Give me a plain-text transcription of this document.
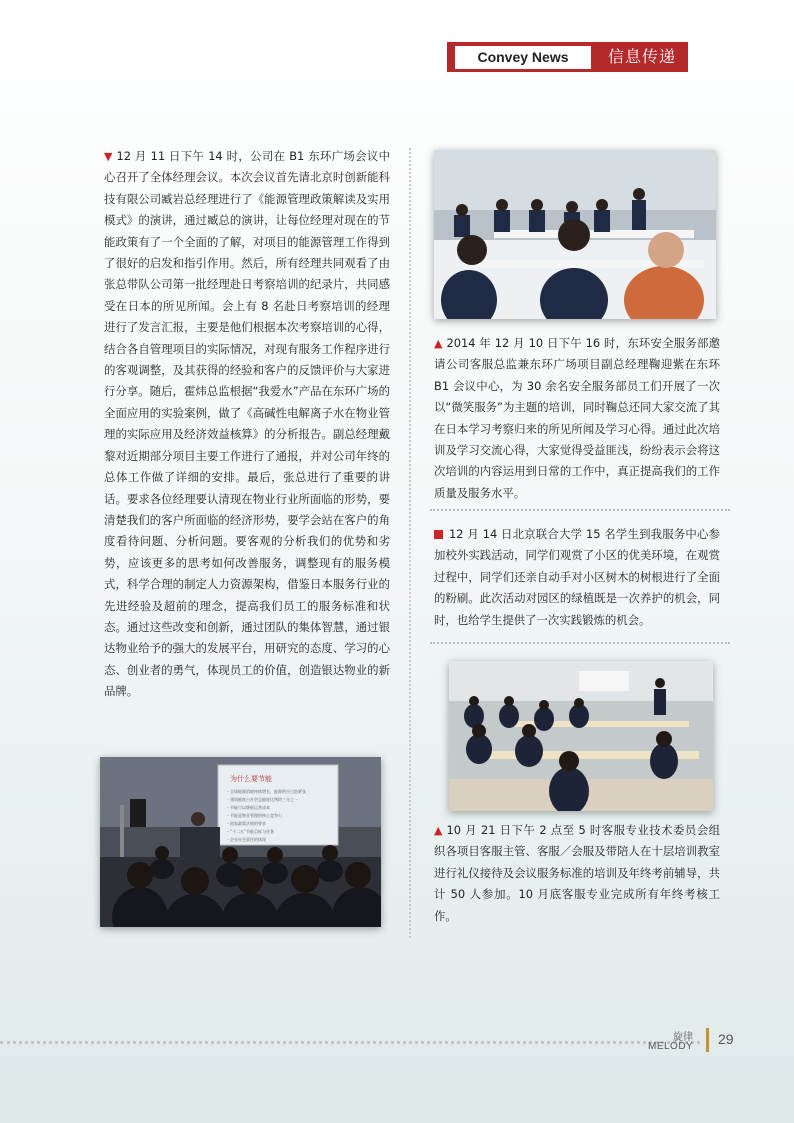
Convey News	信息传递

▼ 12 月 11 日下午 14 时，公司在 B1 东环广场会议中心召开了全体经理会议。本次会议首先请北京时创新能科技有限公司臧岩总经理进行了《能源管理政策解读及实用模式》的演讲，通过臧总的演讲，让每位经理对现在的节能政策有了一个全面的了解，对项目的能源管理工作得到了很好的启发和指引作用。然后，所有经理共同观看了由张总带队公司第一批经理赴日考察培训的纪录片，共同感受在日本的所见所闻。会上有 8 名赴日考察培训的经理进行了发言汇报，主要是他们根据本次考察培训的心得，结合各自管理项目的实际情况，对现有服务工作程序进行的客观调整，及其获得的经验和客户的反馈评价与大家进行分享。随后，霍炜总监根据“我爱水”产品在东环广场的全面应用的实验案例，做了《高碱性电解离子水在物业管理的实际应用及经济效益核算》的分析报告。副总经理戴黎对近期部分项目主要工作进行了通报，并对公司年终的总体工作做了详细的安排。最后，张总进行了重要的讲话。要求各位经理要认清现在物业行业所面临的形势，要清楚我们的客户所面临的经济形势，要学会站在客户的角度看待问题、分析问题。要客观的分析我们的优势和劣势，应该更多的思考如何改善服务，调整现有的服务模式，科学合理的制定人力资源架构，借鉴日本服务行业的先进经验及超前的理念，提高我们员工的服务标准和状态。通过这些改变和创新，通过团队的集体智慧，通过银达物业给予的强大的发展平台，用研究的态度、学习的心态、创业者的勇气，体现员工的价值，创造银达物业的新品牌。

为什么要节能
・全球能源消耗持续增长，能源供应日趋紧张
・建筑能耗占社会总能耗比例约三分之一
・节能可以降低运营成本
・节能是物业管理的核心竞争力
・国家政策法规的要求
・“十二五”节能目标与任务
・企业社会责任的体现

▲ 2014 年 12 月 10 日下午 16 时，东环安全服务部邀请公司客服总监兼东环广场项目副总经理鞠迎紫在东环 B1 会议中心，为 30 余名安全服务部员工们开展了一次以“微笑服务”为主题的培训，同时鞠总还同大家交流了其在日本学习考察归来的所见所闻及学习心得。通过此次培训及学习交流心得，大家觉得受益匪浅，纷纷表示会将这次培训的内容运用到日常的工作中，真正提高我们的工作质量及服务水平。

12 月 14 日北京联合大学 15 名学生到我服务中心参加校外实践活动，同学们观赏了小区的优美环境，在观赏过程中，同学们还亲自动手对小区树木的树根进行了全面的粉刷。此次活动对园区的绿植既是一次养护的机会，同时，也给学生提供了一次实践锻炼的机会。

▲ 10 月 21 日下午 2 点至 5 时客服专业技术委员会组织各项目客服主管、客服／会服及带陪人在十层培训教室进行礼仪接待及会议服务标准的培训及年终考前辅导，共计 50 人参加。10 月底客服专业完成所有年终考核工作。

旋律
MELODY 29
